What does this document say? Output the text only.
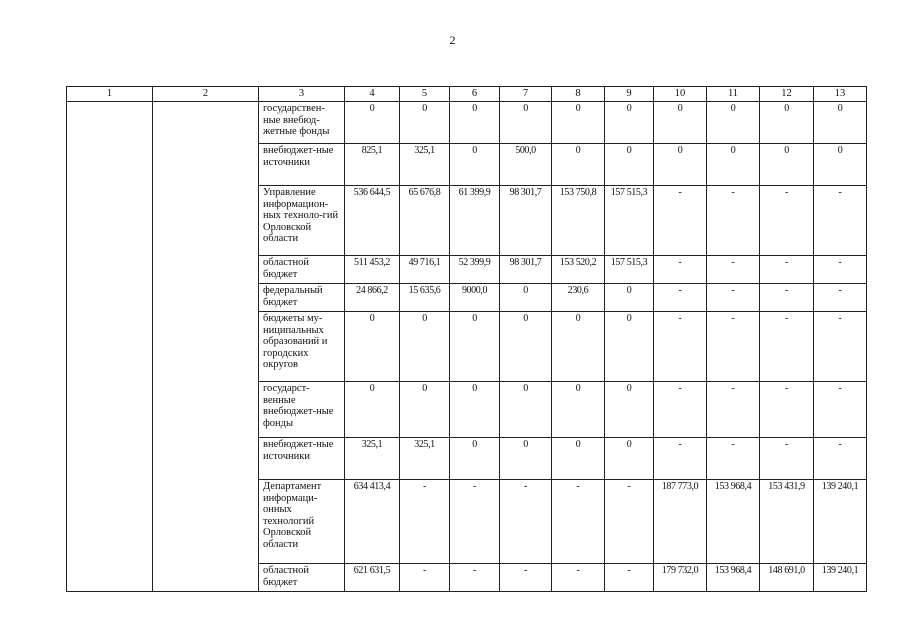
2
1	2	3	4	5	6	7	8	9	10	11	12	13
		государствен-ные внебюд-жетные фонды	0	0	0	0	0	0	0	0	0	0
		внебюджет-ные источники	825,1	325,1	0	500,0	0	0	0	0	0	0
		Управление информацион-ных техноло-гий Орловской области	536 644,5	65 676,8	61 399,9	98 301,7	153 750,8	157 515,3	-	-	-	-
		областной бюджет	511 453,2	49 716,1	52 399,9	98 301,7	153 520,2	157 515,3	-	-	-	-
		федеральный бюджет	24 866,2	15 635,6	9000,0	0	230,6	0	-	-	-	-
		бюджеты му-ниципальных образований и городских округов	0	0	0	0	0	0	-	-	-	-
		государст-венные внебюджет-ные фонды	0	0	0	0	0	0	-	-	-	-
		внебюджет-ные источники	325,1	325,1	0	0	0	0	-	-	-	-
		Департамент информаци-онных технологий Орловской области	634 413,4	-	-	-	-	-	187 773,0	153 968,4	153 431,9	139 240,1
		областной бюджет	621 631,5	-	-	-	-	-	179 732,0	153 968,4	148 691,0	139 240,1
